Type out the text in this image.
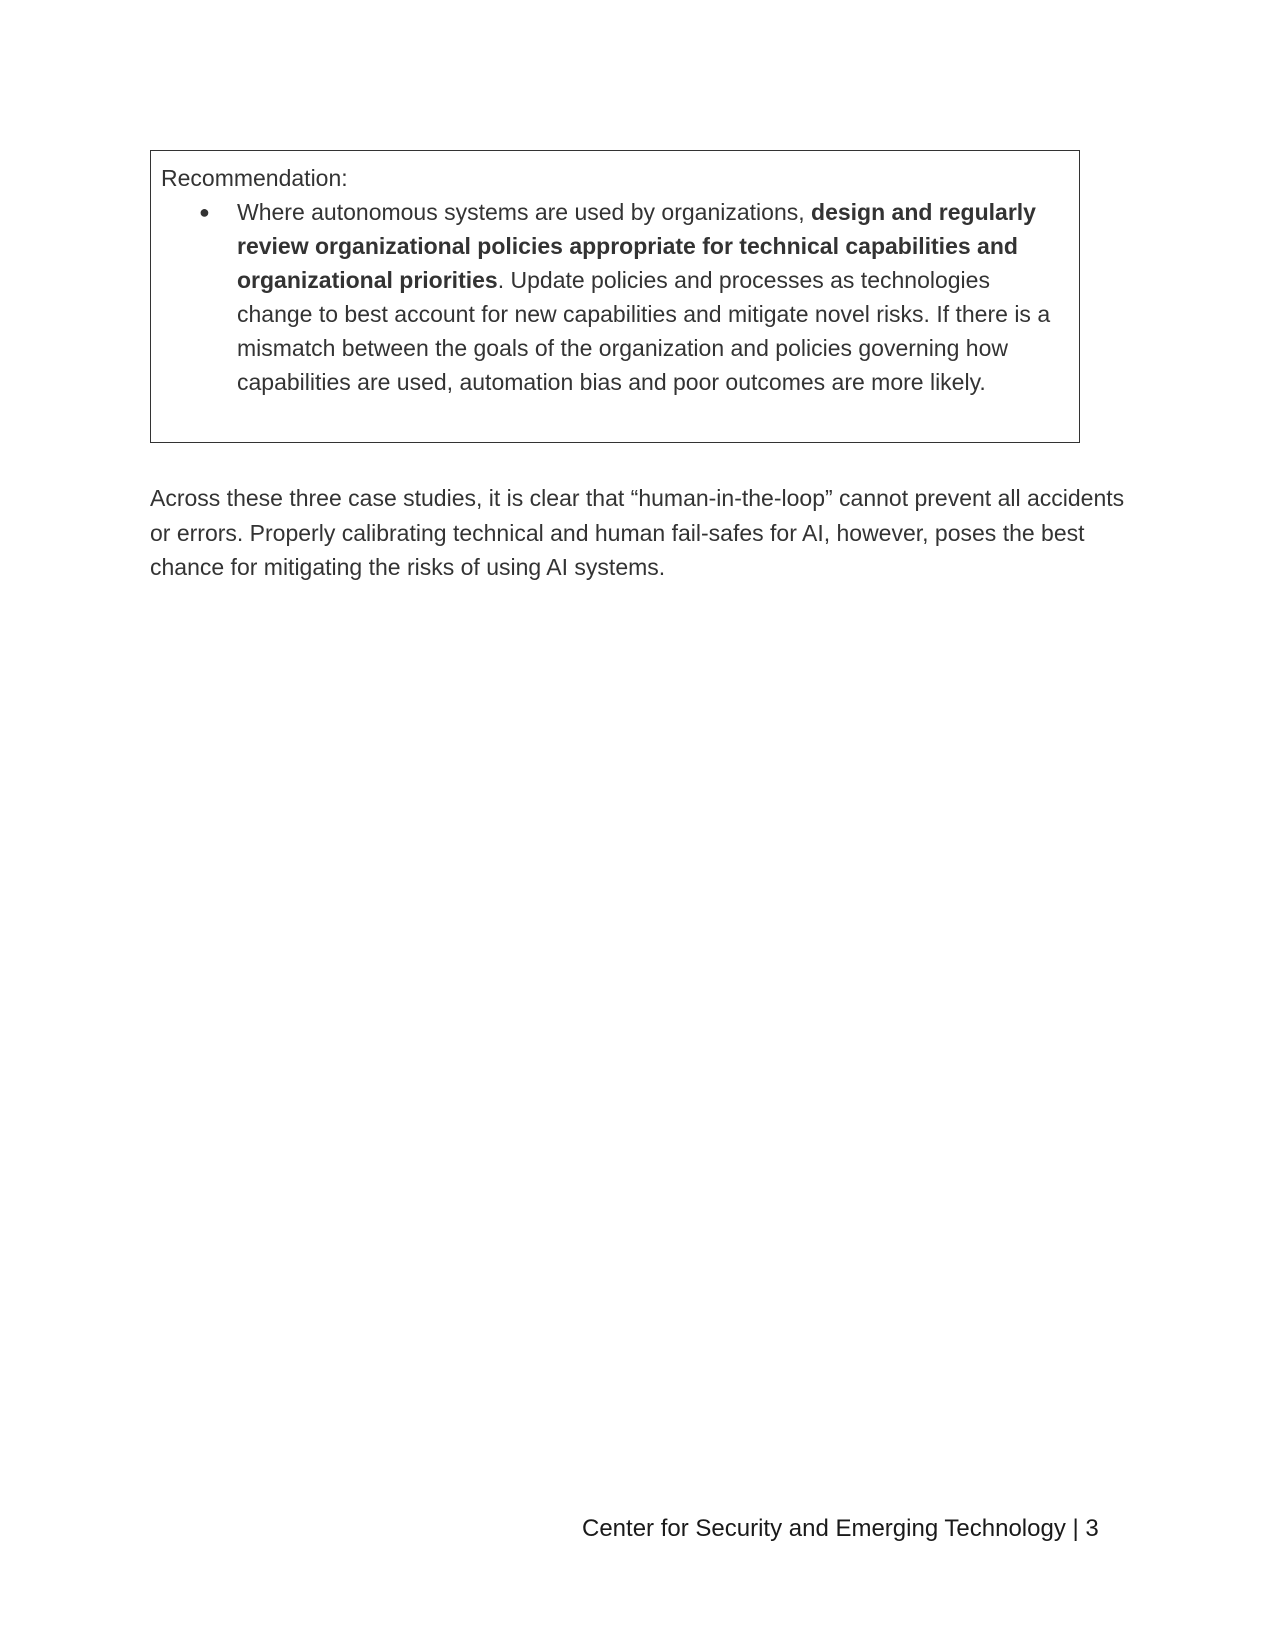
Recommendation:

● Where autonomous systems are used by organizations, design and regularly review organizational policies appropriate for technical capabilities and organizational priorities. Update policies and processes as technologies change to best account for new capabilities and mitigate novel risks. If there is a mismatch between the goals of the organization and policies governing how capabilities are used, automation bias and poor outcomes are more likely.

Across these three case studies, it is clear that “human-in-the-loop” cannot prevent all accidents or errors. Properly calibrating technical and human fail-safes for AI, however, poses the best chance for mitigating the risks of using AI systems.

Center for Security and Emerging Technology | 3
